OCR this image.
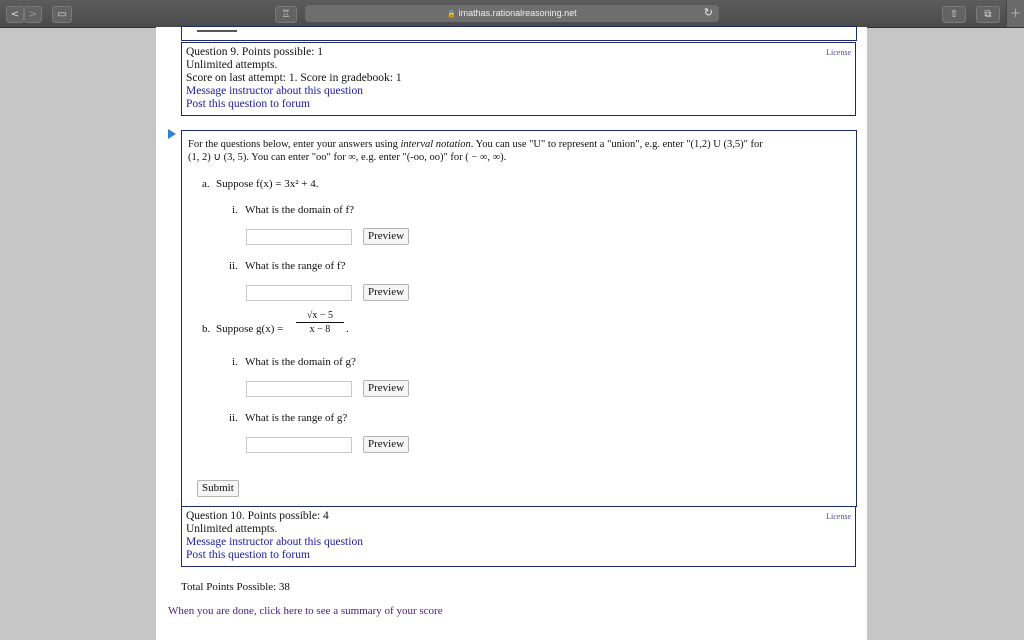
< >	▭	♖	🔒 imathas.rationalreasoning.net	↻	⇧	⧉	+
Question 9. Points possible: 1
Unlimited attempts.
Score on last attempt: 1. Score in gradebook: 1
Message instructor about this question
Post this question to forum
License
For the questions below, enter your answers using interval notation. You can use "U" to represent a "union", e.g. enter "(1,2) U (3,5)" for
(1, 2) ∪ (3, 5). You can enter "oo" for ∞, e.g. enter "(-oo, oo)" for ( − ∞, ∞).
a. Suppose f(x) = 3x² + 4.
i. What is the domain of f?
Preview
ii. What is the range of f?
Preview
b. Suppose $g(x) = \frac{√x - 5}{x - 8}$ .
i. What is the domain of g?
Preview
ii. What is the range of g?
Preview
Submit
Question 10. Points possible: 4
Unlimited attempts.
Message instructor about this question
Post this question to forum
License
Total Points Possible: 38
When you are done, click here to see a summary of your score
